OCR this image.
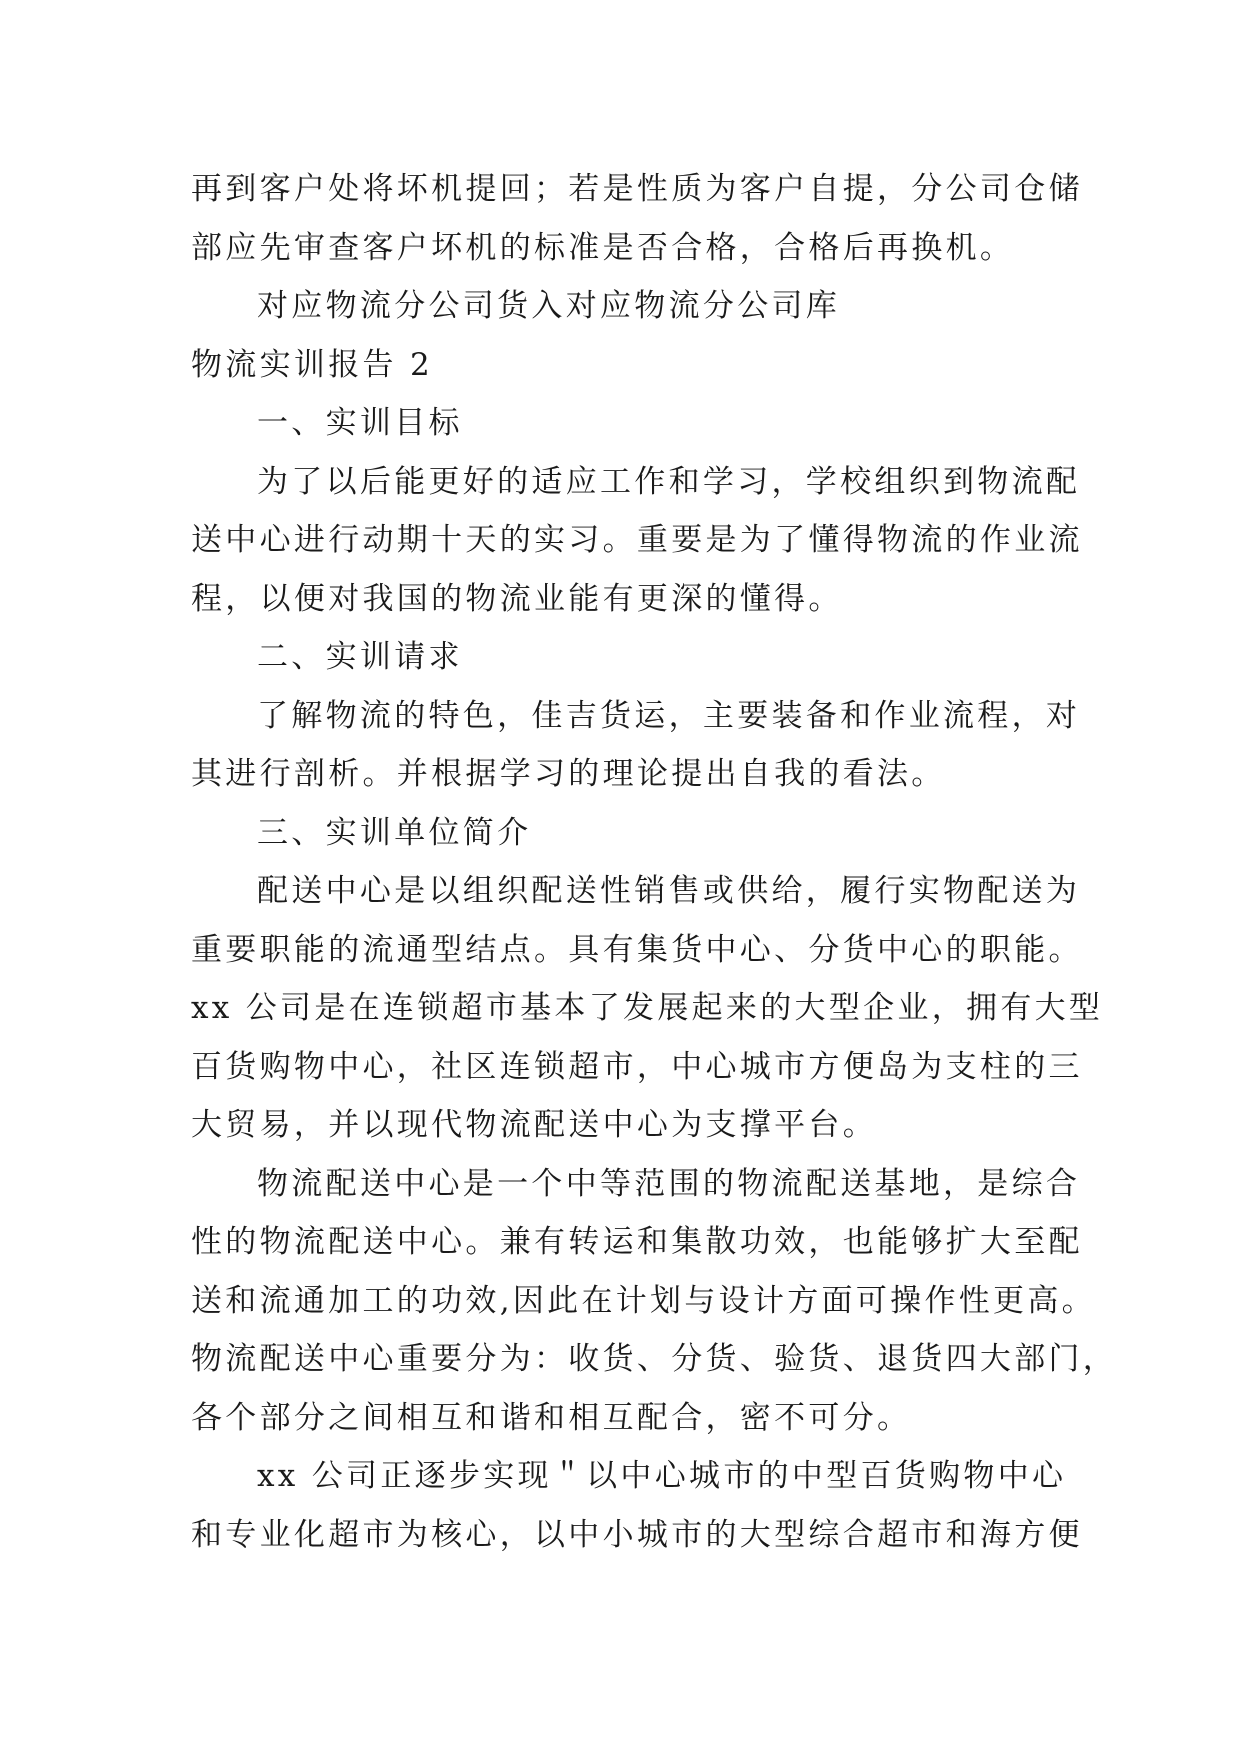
再到客户处将坏机提回；若是性质为客户自提，分公司仓储
部应先审查客户坏机的标准是否合格，合格后再换机。
对应物流分公司货入对应物流分公司库
物流实训报告 2
一、实训目标
为了以后能更好的适应工作和学习，学校组织到物流配
送中心进行动期十天的实习。重要是为了懂得物流的作业流
程，以便对我国的物流业能有更深的懂得。
二、实训请求
了解物流的特色，佳吉货运，主要装备和作业流程，对
其进行剖析。并根据学习的理论提出自我的看法。
三、实训单位简介
配送中心是以组织配送性销售或供给，履行实物配送为
重要职能的流通型结点。具有集货中心、分货中心的职能。
xx 公司是在连锁超市基本了发展起来的大型企业，拥有大型
百货购物中心，社区连锁超市，中心城市方便岛为支柱的三
大贸易，并以现代物流配送中心为支撑平台。
物流配送中心是一个中等范围的物流配送基地，是综合
性的物流配送中心。兼有转运和集散功效，也能够扩大至配
送和流通加工的功效,因此在计划与设计方面可操作性更高。
物流配送中心重要分为：收货、分货、验货、退货四大部门，
各个部分之间相互和谐和相互配合，密不可分。
xx 公司正逐步实现＂以中心城市的中型百货购物中心
和专业化超市为核心，以中小城市的大型综合超市和海方便
